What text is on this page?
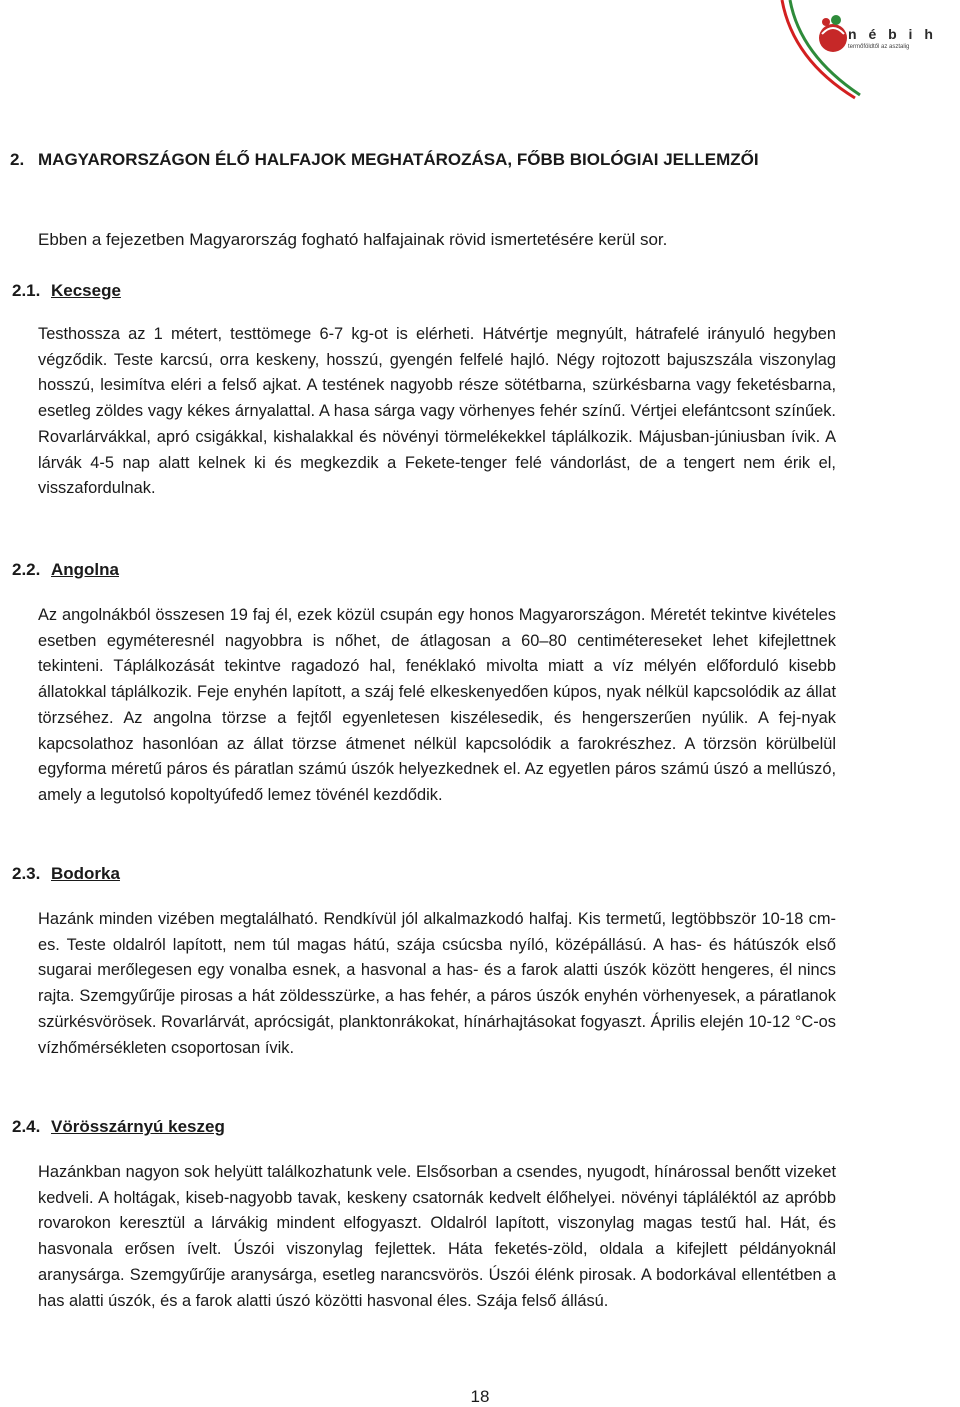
n é b i h
termőföldtől az asztalig
2. MAGYARORSZÁGON ÉLŐ HALFAJOK MEGHATÁROZÁSA, FŐBB BIOLÓGIAI JELLEMZŐI
Ebben a fejezetben Magyarország fogható halfajainak rövid ismertetésére kerül sor.
2.1. Kecsege

Testhossza az 1 métert, testtömege 6-7 kg-ot is elérheti. Hátvértje megnyúlt, hátrafelé irányuló hegyben végződik. Teste karcsú, orra keskeny, hosszú, gyengén felfelé hajló. Négy rojtozott bajuszszála viszonylag hosszú, lesimítva eléri a felső ajkat. A testének nagyobb része sötétbarna, szürkésbarna vagy feketésbarna, esetleg zöldes vagy kékes árnyalattal. A hasa sárga vagy vörhenyes fehér színű. Vértjei elefántcsont színűek. Rovarlárvákkal, apró csigákkal, kishalakkal és növényi törmelékekkel táplálkozik. Májusban-júniusban ívik. A lárvák 4-5 nap alatt kelnek ki és megkezdik a Fekete-tenger felé vándorlást, de a tengert nem érik el, visszafordulnak.

2.2. Angolna

Az angolnákból összesen 19 faj él, ezek közül csupán egy honos Magyarországon. Méretét tekintve kivételes esetben egyméteresnél nagyobbra is nőhet, de átlagosan a 60–80 centiméteresеket lehet kifejlettnek tekinteni. Táplálkozását tekintve ragadozó hal, fenéklakó mivolta miatt a víz mélyén előforduló kisebb állatokkal táplálkozik. Feje enyhén lapított, a száj felé elkeskenyedően kúpos, nyak nélkül kapcsolódik az állat törzséhez. Az angolna törzse a fejtől egyenletesen kiszélesedik, és hengerszerűen nyúlik. A fej-nyak kapcsolathoz hasonlóan az állat törzse átmenet nélkül kapcsolódik a farokrészhez. A törzsön körülbelül egyforma méretű páros és páratlan számú úszók helyezkednek el. Az egyetlen páros számú úszó a mellúszó, amely a legutolsó kopoltyúfedő lemez tövénél kezdődik.

2.3. Bodorka

Hazánk minden vizében megtalálható. Rendkívül jól alkalmazkodó halfaj. Kis termetű, legtöbbször 10-18 cm-es. Teste oldalról lapított, nem túl magas hátú, szája csúcsba nyíló, középállású. A has- és hátúszók első sugarai merőlegesen egy vonalba esnek, a hasvonal a has- és a farok alatti úszók között hengeres, él nincs rajta. Szemgyűrűje pirosas a hát zöldesszürke, a has fehér, a páros úszók enyhén vörhenyesek, a páratlanok szürkésvörösek. Rovarlárvát, aprócsigát, planktonrákokat, hínárhajtásokat fogyaszt. Április elején 10-12 °C-os vízhőmérsékleten csoportosan ívik.

2.4. Vörösszárnyú keszeg

Hazánkban nagyon sok helyütt találkozhatunk vele. Elsősorban a csendes, nyugodt, hínárossal benőtt vizeket kedveli. A holtágak, kiseb-nagyobb tavak, keskeny csatornák kedvelt élőhelyei. növényi táplálékt​ól az apróbb rovarokon keresztül a lárvákig mindent elfogyaszt. Oldalról lapított, viszonylag magas testű hal. Hát, és hasvonala erősen ívelt. Úszói viszonylag fejlettek. Háta feketés-zöld, oldala a kifejlett példányoknál aranysárga. Szemgyűrűje aranysárga, esetleg narancsvörös. Úszói élénk pirosak. A bodorkával ellentétben a has alatti úszók, és a farok alatti úszó közötti hasvonal éles. Szája felső állású.

18
